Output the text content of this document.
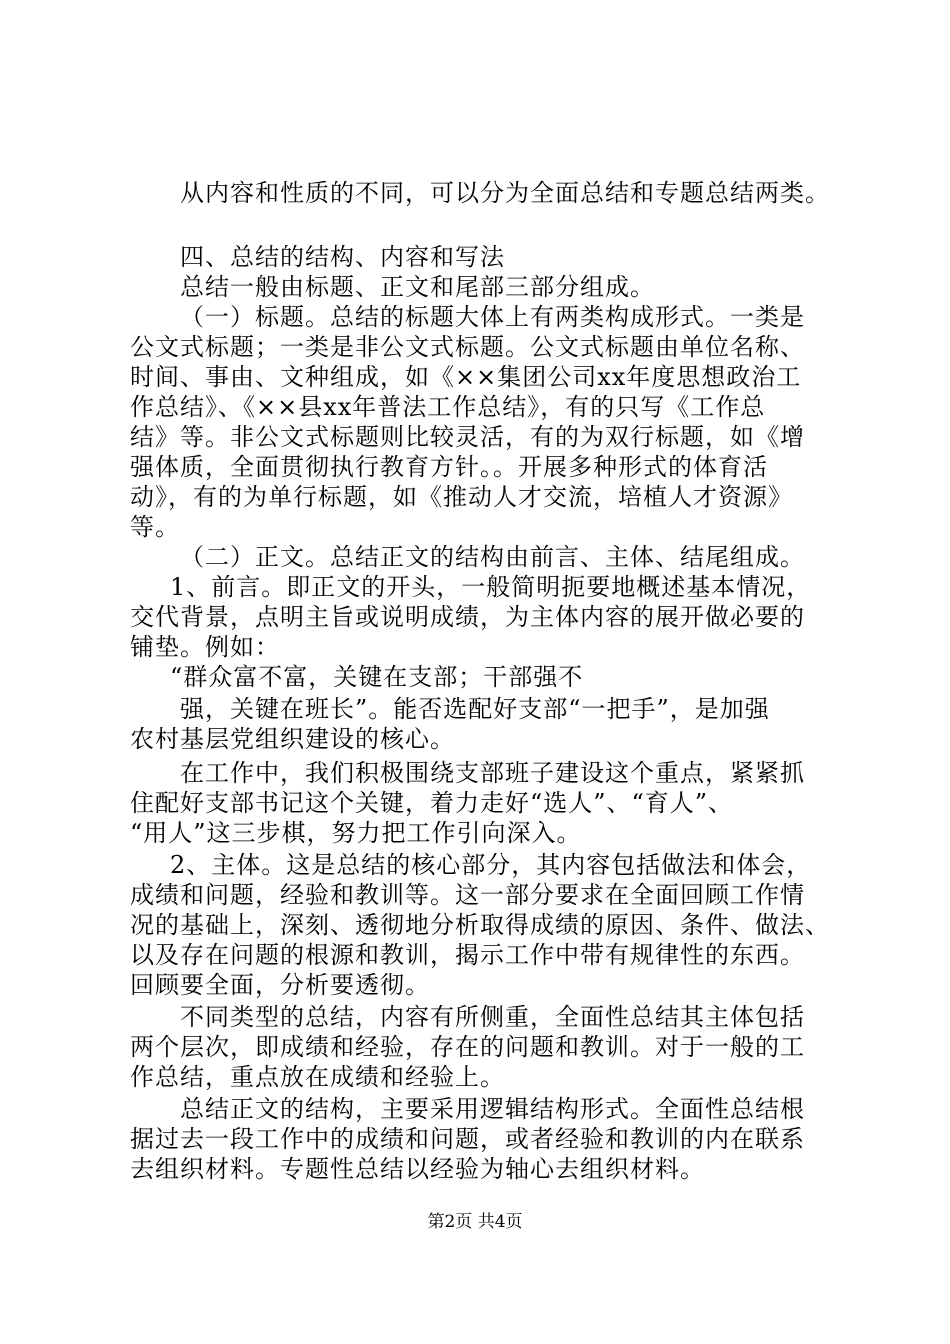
从内容和性质的不同，可以分为全面总结和专题总结两类。
四、总结的结构、内容和写法
总结一般由标题、正文和尾部三部分组成。
（一）标题。总结的标题大体上有两类构成形式。一类是
公文式标题；一类是非公文式标题。公文式标题由单位名称、
时间、事由、文种组成，如《××集团公司xx年度思想政治工
作总结》、《××县xx年普法工作总结》，有的只写《工作总
结》等。非公文式标题则比较灵活，有的为双行标题，如《增
强体质，全面贯彻执行教育方针。。开展多种形式的体育活
动》，有的为单行标题，如《推动人才交流，培植人才资源》
等。
（二）正文。总结正文的结构由前言、主体、结尾组成。
1、前言。即正文的开头，一般简明扼要地概述基本情况，
交代背景，点明主旨或说明成绩，为主体内容的展开做必要的
铺垫。例如：
“群众富不富，关键在支部；干部强不
强，关键在班长”。能否选配好支部“一把手”，是加强
农村基层党组织建设的核心。
在工作中，我们积极围绕支部班子建设这个重点，紧紧抓
住配好支部书记这个关键，着力走好“选人”、“育人”、
“用人”这三步棋，努力把工作引向深入。
2、主体。这是总结的核心部分，其内容包括做法和体会，
成绩和问题，经验和教训等。这一部分要求在全面回顾工作情
况的基础上，深刻、透彻地分析取得成绩的原因、条件、做法、
以及存在问题的根源和教训，揭示工作中带有规律性的东西。
回顾要全面，分析要透彻。
不同类型的总结，内容有所侧重，全面性总结其主体包括
两个层次，即成绩和经验，存在的问题和教训。对于一般的工
作总结，重点放在成绩和经验上。
总结正文的结构，主要采用逻辑结构形式。全面性总结根
据过去一段工作中的成绩和问题，或者经验和教训的内在联系
去组织材料。专题性总结以经验为轴心去组织材料。
第2页 共4页
